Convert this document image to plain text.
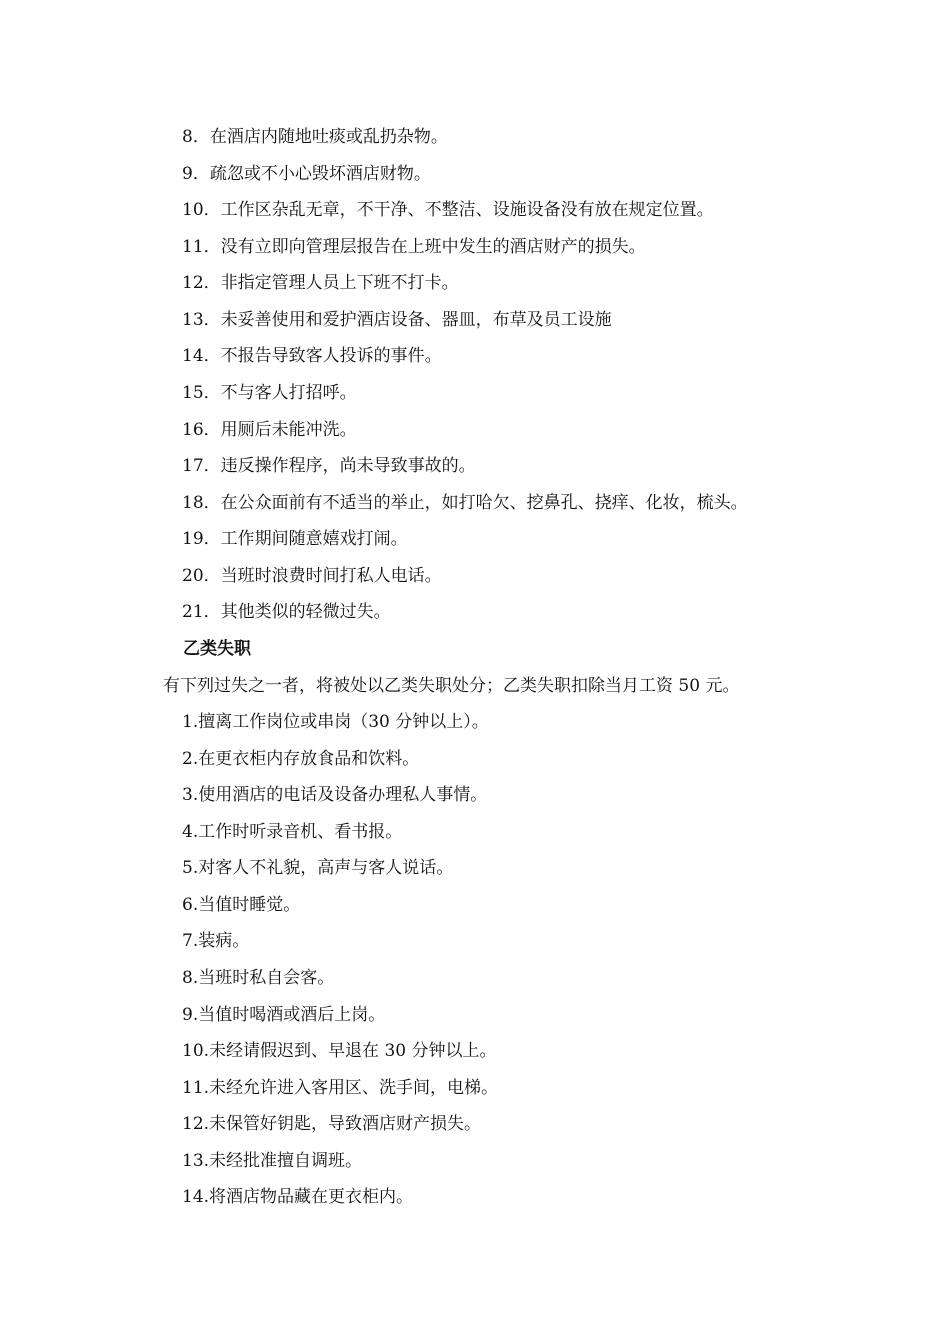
8．在酒店内随地吐痰或乱扔杂物。
9．疏忽或不小心毁坏酒店财物。
10．工作区杂乱无章，不干净、不整洁、设施设备没有放在规定位置。
11．没有立即向管理层报告在上班中发生的酒店财产的损失。
12．非指定管理人员上下班不打卡。
13．未妥善使用和爱护酒店设备、器皿，布草及员工设施
14．不报告导致客人投诉的事件。
15．不与客人打招呼。
16．用厕后未能冲洗。
17．违反操作程序，尚未导致事故的。
18．在公众面前有不适当的举止，如打哈欠、挖鼻孔、挠痒、化妆，梳头。
19．工作期间随意嬉戏打闹。
20．当班时浪费时间打私人电话。
21．其他类似的轻微过失。
乙类失职
有下列过失之一者，将被处以乙类失职处分；乙类失职扣除当月工资 50 元。
1.擅离工作岗位或串岗（30 分钟以上）。
2.在更衣柜内存放食品和饮料。
3.使用酒店的电话及设备办理私人事情。
4.工作时听录音机、看书报。
5.对客人不礼貌，高声与客人说话。
6.当值时睡觉。
7.装病。
8.当班时私自会客。
9.当值时喝酒或酒后上岗。
10.未经请假迟到、早退在 30 分钟以上。
11.未经允许进入客用区、洗手间，电梯。
12.未保管好钥匙，导致酒店财产损失。
13.未经批准擅自调班。
14.将酒店物品藏在更衣柜内。
